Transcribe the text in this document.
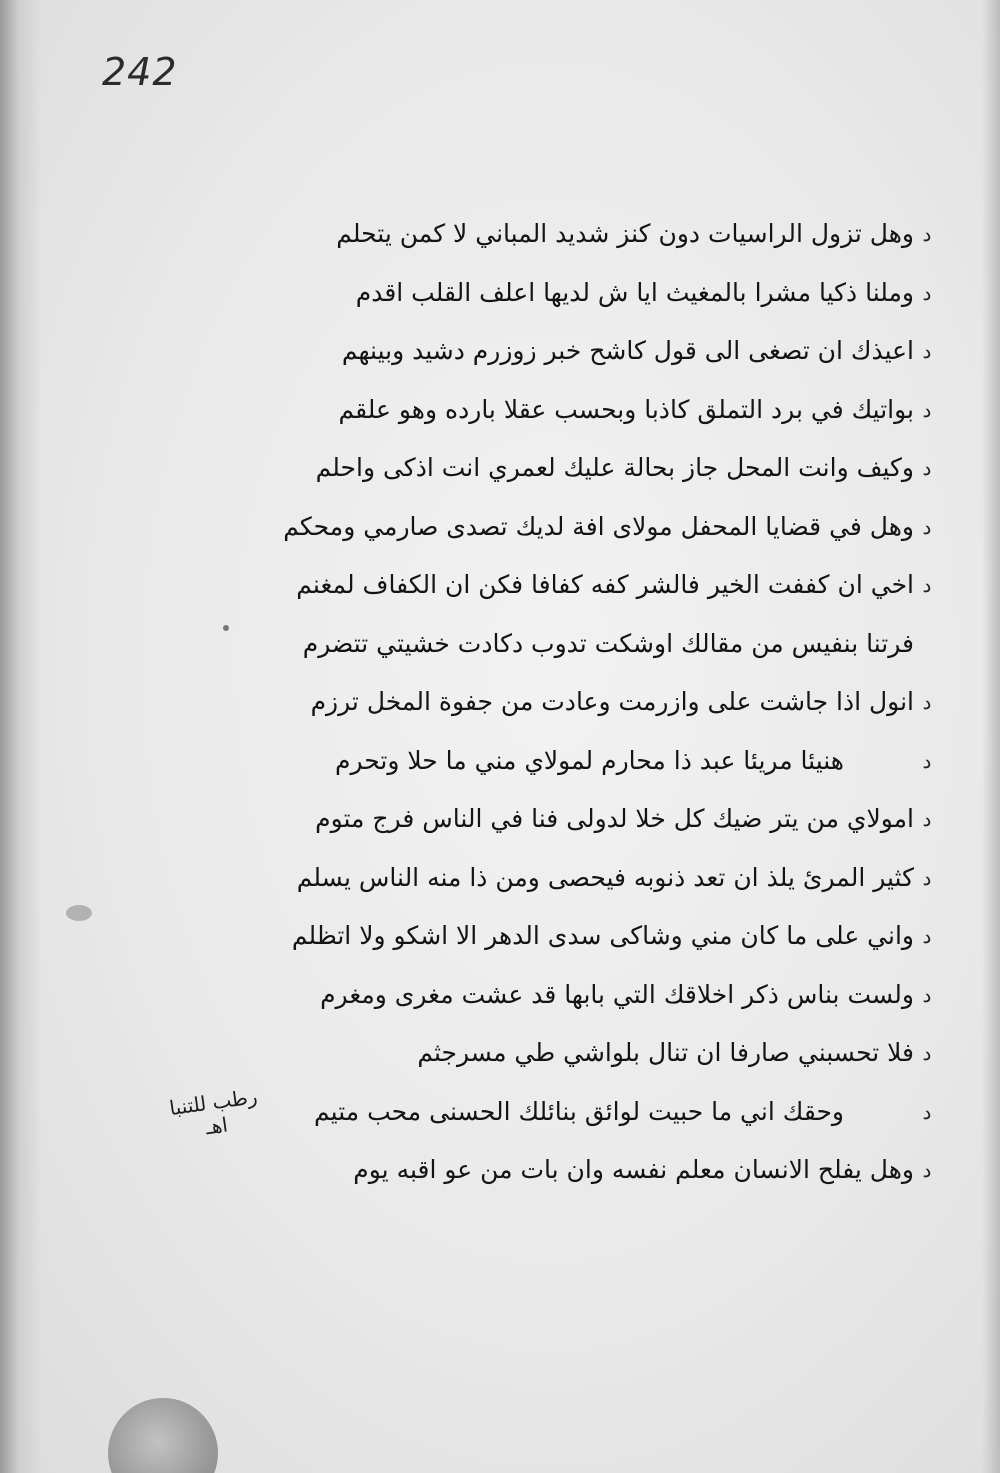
242
د
وهل تزول الراسيات دون كنز شديد المباني لا كمن يتحلم
د
وملنا ذكيا مشرا بالمغيث ايا ش لديها اعلف القلب اقدم
د
اعيذك ان تصغى الى قول كاشح خبر زوزرم دشيد وبينهم
د
بواتيك في برد التملق كاذبا وبحسب عقلا بارده وهو علقم
د
وكيف وانت المحل جاز بحالة عليك لعمري انت اذكى واحلم
د
وهل في قضايا المحفل مولاى افة لديك تصدى صارمي ومحكم
د
اخي ان كففت الخير فالشر كفه كفافا فكن ان الكفاف لمغنم
فرتنا بنفيس من مقالك اوشكت تدوب دكادت خشيتي تتضرم
د
انول اذا جاشت على وازرمت وعادت من جفوة المخل ترزم
د
هنيئا مريئا عبد ذا محارم لمولاي مني ما حلا وتحرم
د
امولاي من يتر ضيك كل خلا لدولى فنا في الناس فرج متوم
د
كثير المرئ يلذ ان تعد ذنوبه فيحصى ومن ذا منه الناس يسلم
د
واني على ما كان مني وشاكى سدى الدهر الا اشكو ولا اتظلم
د
ولست بناس ذكر اخلاقك التي بابها قد عشت مغرى ومغرم
د
فلا تحسبني صارفا ان تنال بلواشي طي مسرجثم
د
وحقك اني ما حبيت لوائق بنائلك الحسنى محب متيم
د
وهل يفلح الانسان معلم نفسه وان بات من عو اقبه يوم
رطب للتنبا اهـ
